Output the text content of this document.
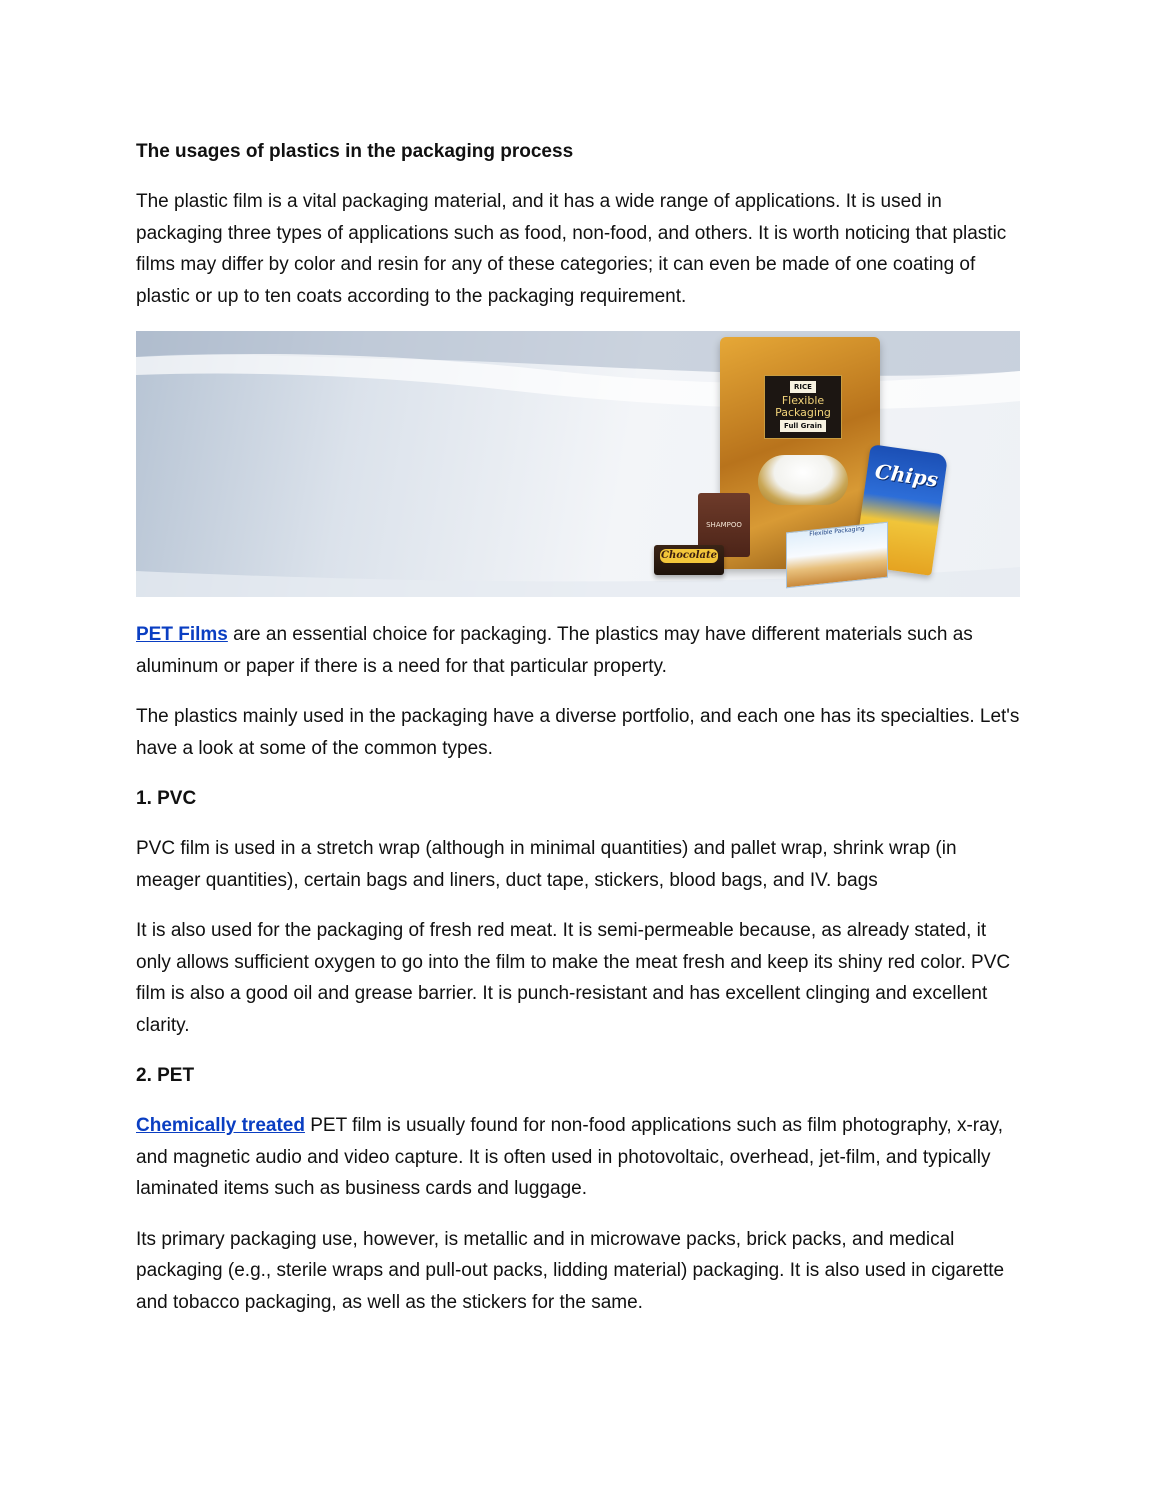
The usages of plastics in the packaging process

The plastic film is a vital packaging material, and it has a wide range of applications. It is used in packaging three types of applications such as food, non-food, and others. It is worth noticing that plastic films may differ by color and resin for any of these categories; it can even be made of one coating of plastic or up to ten coats according to the packaging requirement.

RICE
Flexible
Packaging
Full Grain
SHAMPOO
Chips
Flexible Packaging
Chocolate

PET Films are an essential choice for packaging. The plastics may have different materials such as aluminum or paper if there is a need for that particular property.

The plastics mainly used in the packaging have a diverse portfolio, and each one has its specialties. Let's have a look at some of the common types.

1. PVC

PVC film is used in a stretch wrap (although in minimal quantities) and pallet wrap, shrink wrap (in meager quantities), certain bags and liners, duct tape, stickers, blood bags, and IV. bags

It is also used for the packaging of fresh red meat. It is semi-permeable because, as already stated, it only allows sufficient oxygen to go into the film to make the meat fresh and keep its shiny red color. PVC film is also a good oil and grease barrier. It is punch-resistant and has excellent clinging and excellent clarity.

2. PET

Chemically treated PET film is usually found for non-food applications such as film photography, x-ray, and magnetic audio and video capture. It is often used in photovoltaic, overhead, jet-film, and typically laminated items such as business cards and luggage.

Its primary packaging use, however, is metallic and in microwave packs, brick packs, and medical packaging (e.g., sterile wraps and pull-out packs, lidding material) packaging. It is also used in cigarette and tobacco packaging, as well as the stickers for the same.
